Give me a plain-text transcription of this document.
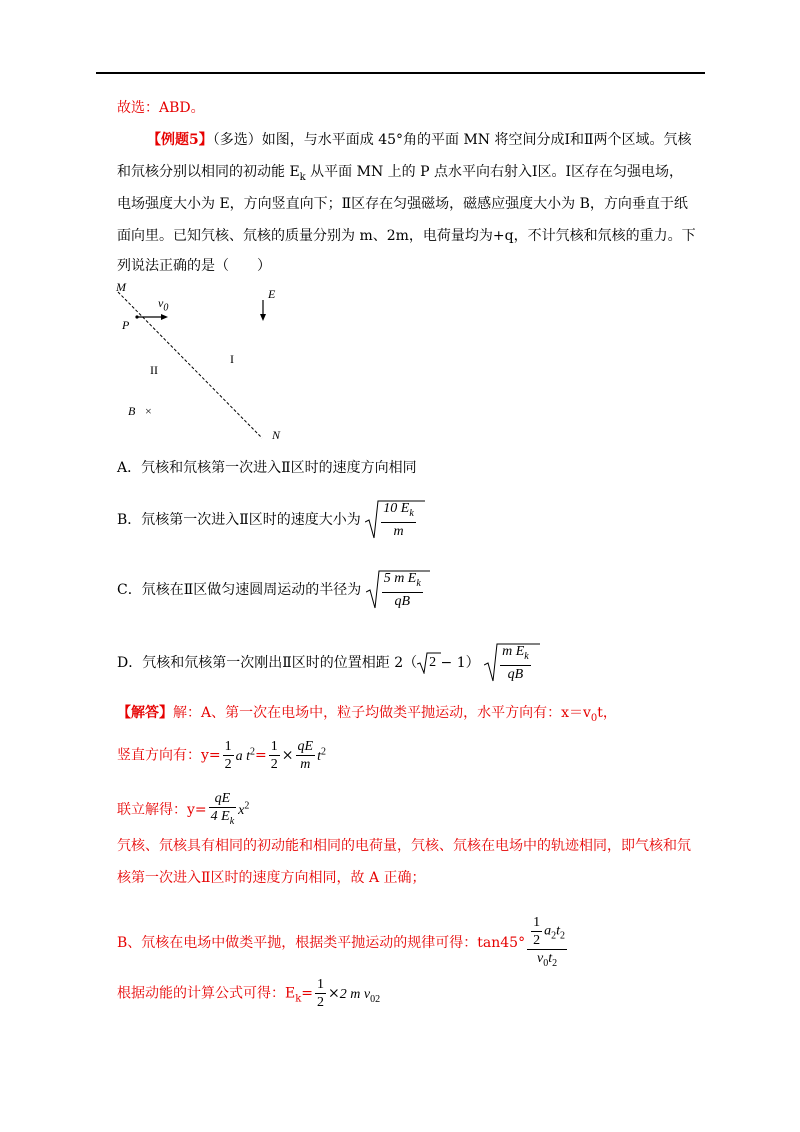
故选：ABD。
【例题5】（多选）如图，与水平面成 45°角的平面 MN 将空间分成Ⅰ和Ⅱ两个区域。氕核
和氘核分别以相同的初动能 $E_k$ 从平面 MN 上的 P 点水平向右射入Ⅰ区。Ⅰ区存在匀强电场，
电场强度大小为 E，方向竖直向下；Ⅱ区存在匀强磁场，磁感应强度大小为 B，方向垂直于纸
面向里。已知氕核、氘核的质量分别为 m、2m，电荷量均为+q，不计氕核和氘核的重力。下
列说法正确的是（　　）
M	E
$v_0$
P
I
II
B ×
N
A．氕核和氘核第一次进入Ⅱ区时的速度方向相同
B．氘核第一次进入Ⅱ区时的速度大小为 $\frac{10 E_k}{m}$
C．氘核在Ⅱ区做匀速圆周运动的半径为 $\frac{5 m E_k}{qB}$
D．氕核和氘核第一次刚出Ⅱ区时的位置相距 2（ $2 - 1) \frac{m E_k}{qB}$
【解答】解：A、第一次在电场中，粒子均做类平抛运动，水平方向有：$x=v_0t$，
竖直方向有：$y= \frac{1}{2}$ a $t^2= \frac{1}{2} \times \frac{qE}{m} t^2$
联立解得：$y= \frac{qE}{4 E_k} x^2$
氕核、氘核具有相同的初动能和相同的电荷量，氕核、氘核在电场中的轨迹相同，即气核和氘
核第一次进入Ⅱ区时的速度方向相同，故 A 正确；
B、氘核在电场中做类平抛，根据类平抛运动的规律可得：$\tan 45^\circ \frac{\frac{1}{2} a_2t_2}{v_0t_2}$
根据动能的计算公式可得：$E_k= \frac{1}{2} \times 2$ m $v_{02}$
